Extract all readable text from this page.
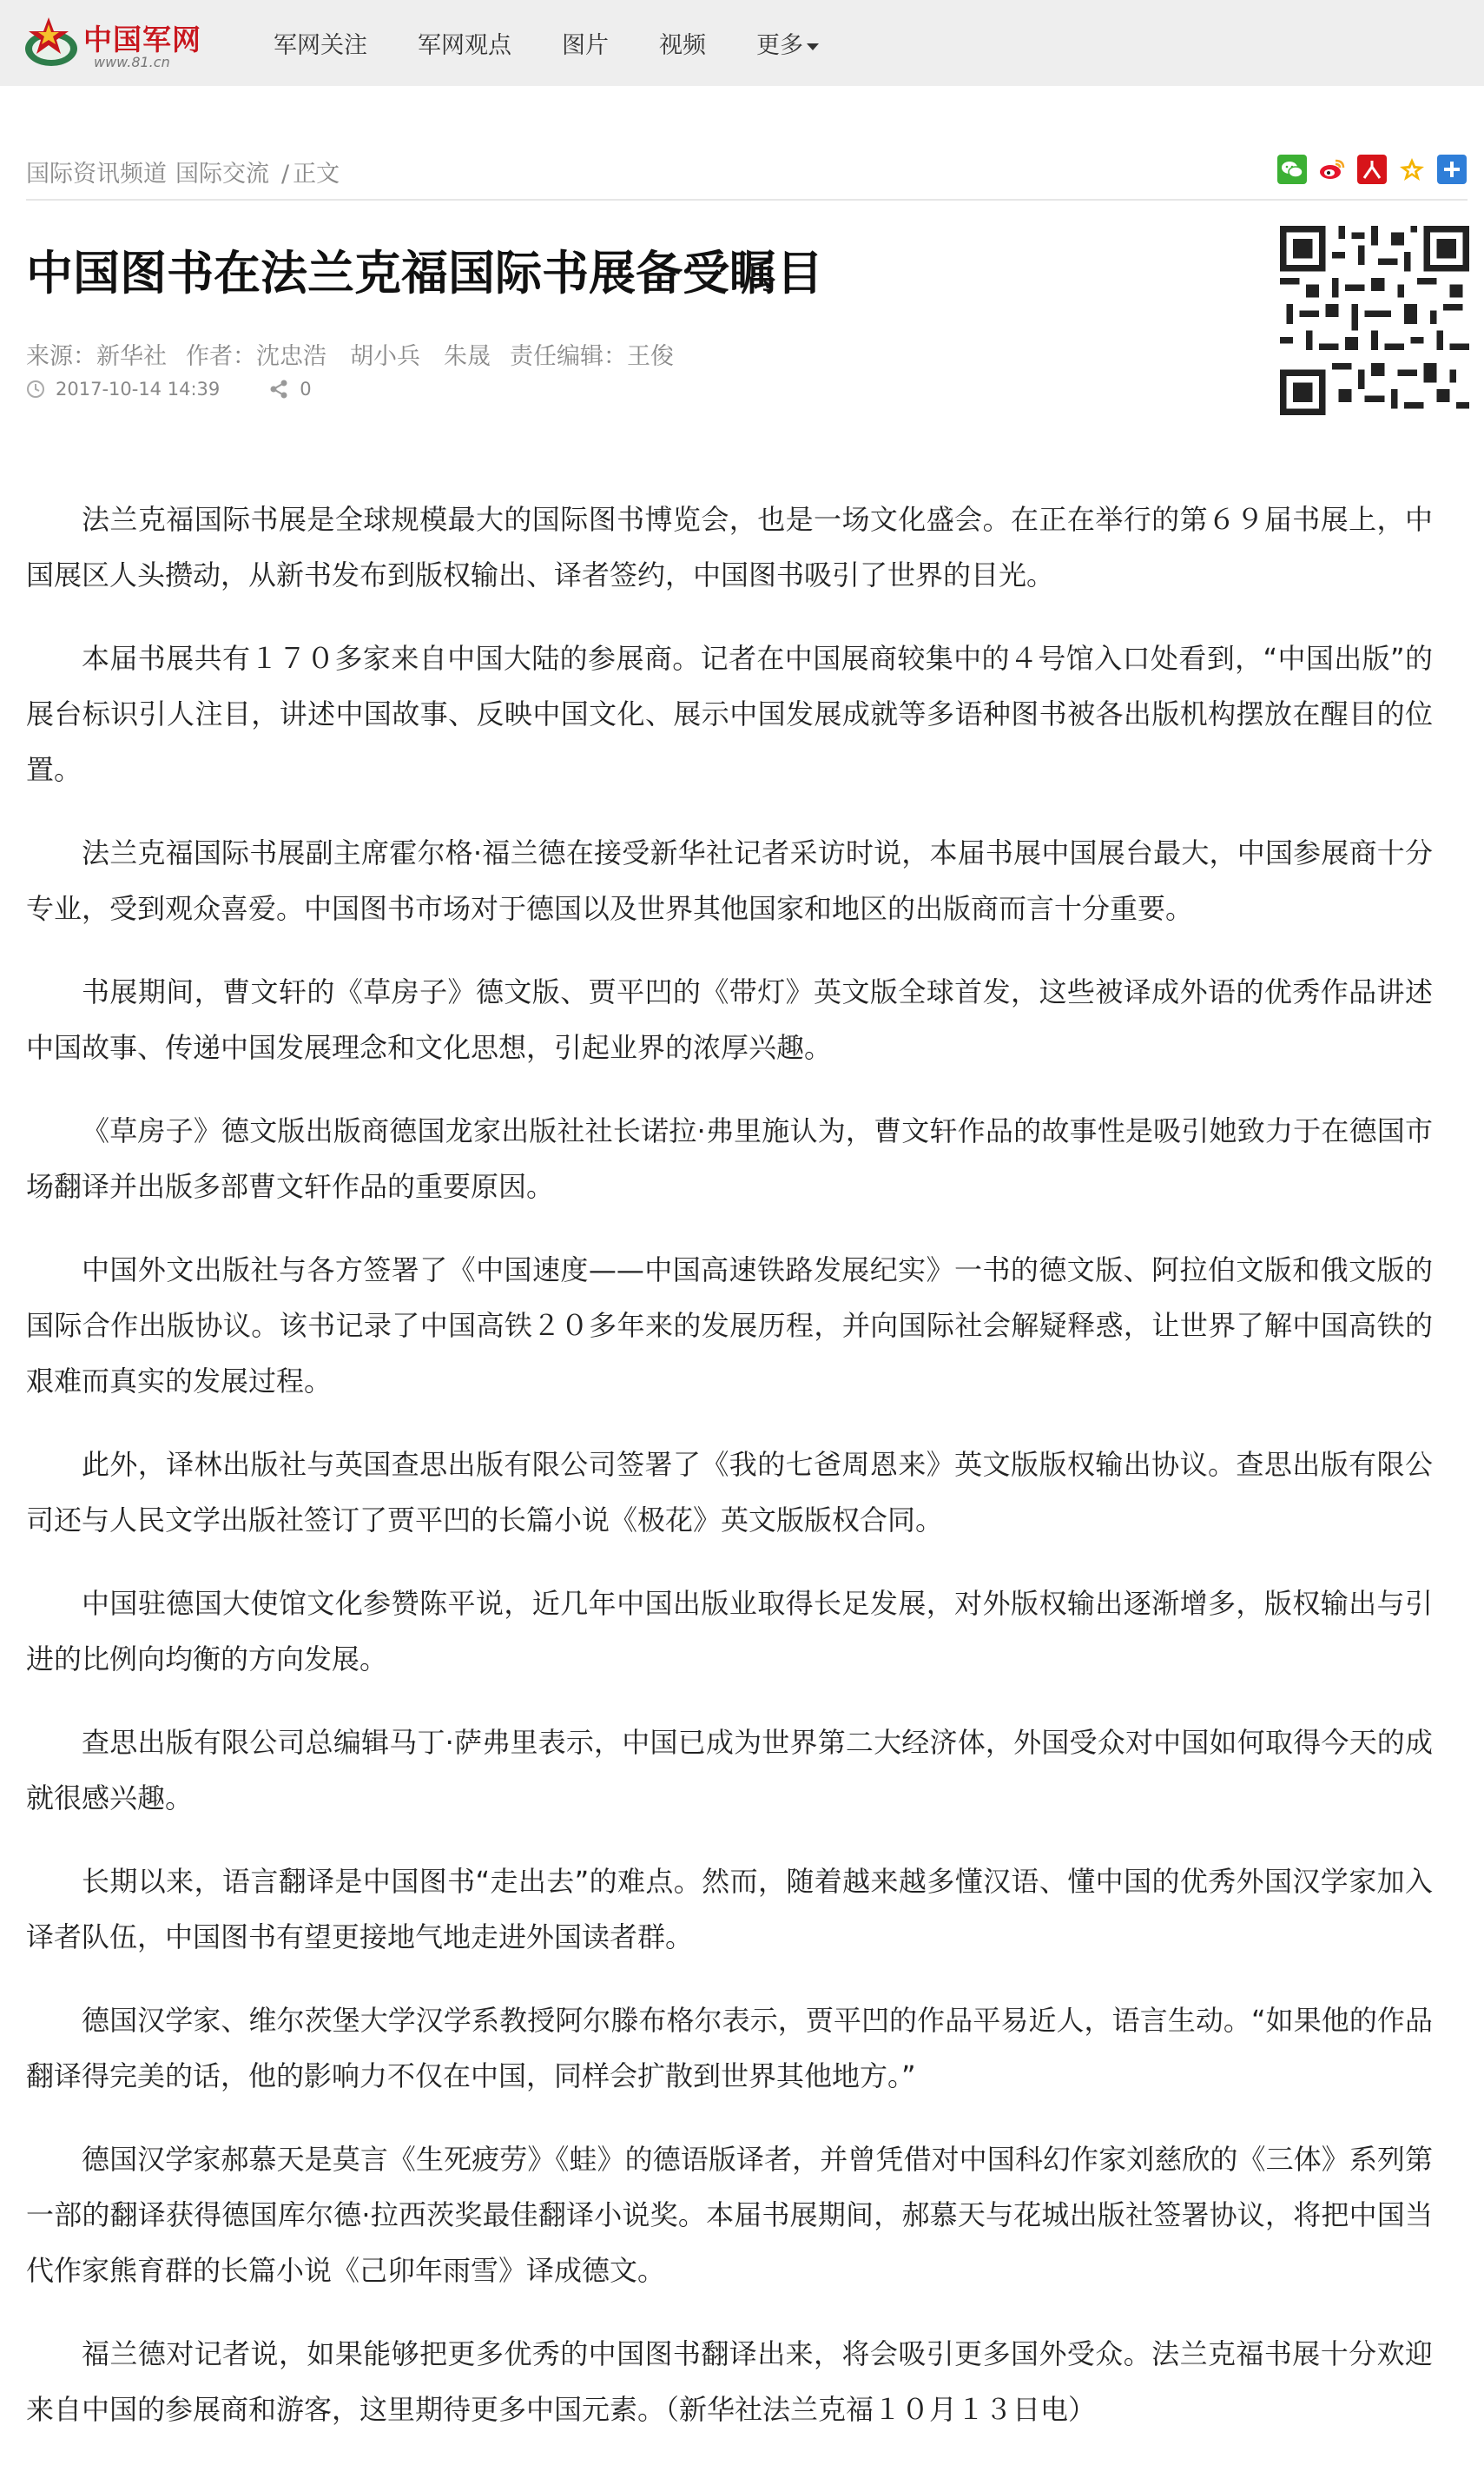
中国军网
www.81.cn
军网关注 军网观点 图片 视频 更多
国际资讯频道 国际交流 / 正文
中国图书在法兰克福国际书展备受瞩目
来源：新华社 作者：沈忠浩　胡小兵　朱晟 责任编辑：王俊
2017-10-14 14:39	0

法兰克福国际书展是全球规模最大的国际图书博览会，也是一场文化盛会。在正在举行的第６９届书展上，中国展区人头攒动，从新书发布到版权输出、译者签约，中国图书吸引了世界的目光。

本届书展共有１７０多家来自中国大陆的参展商。记者在中国展商较集中的４号馆入口处看到，“中国出版”的展台标识引人注目，讲述中国故事、反映中国文化、展示中国发展成就等多语种图书被各出版机构摆放在醒目的位置。

法兰克福国际书展副主席霍尔格·福兰德在接受新华社记者采访时说，本届书展中国展台最大，中国参展商十分专业，受到观众喜爱。中国图书市场对于德国以及世界其他国家和地区的出版商而言十分重要。

书展期间，曹文轩的《草房子》德文版、贾平凹的《带灯》英文版全球首发，这些被译成外语的优秀作品讲述中国故事、传递中国发展理念和文化思想，引起业界的浓厚兴趣。

《草房子》德文版出版商德国龙家出版社社长诺拉·弗里施认为，曹文轩作品的故事性是吸引她致力于在德国市场翻译并出版多部曹文轩作品的重要原因。

中国外文出版社与各方签署了《中国速度——中国高速铁路发展纪实》一书的德文版、阿拉伯文版和俄文版的国际合作出版协议。该书记录了中国高铁２０多年来的发展历程，并向国际社会解疑释惑，让世界了解中国高铁的艰难而真实的发展过程。

此外，译林出版社与英国查思出版有限公司签署了《我的七爸周恩来》英文版版权输出协议。查思出版有限公司还与人民文学出版社签订了贾平凹的长篇小说《极花》英文版版权合同。

中国驻德国大使馆文化参赞陈平说，近几年中国出版业取得长足发展，对外版权输出逐渐增多，版权输出与引进的比例向均衡的方向发展。

查思出版有限公司总编辑马丁·萨弗里表示，中国已成为世界第二大经济体，外国受众对中国如何取得今天的成就很感兴趣。

长期以来，语言翻译是中国图书“走出去”的难点。然而，随着越来越多懂汉语、懂中国的优秀外国汉学家加入译者队伍，中国图书有望更接地气地走进外国读者群。

德国汉学家、维尔茨堡大学汉学系教授阿尔滕布格尔表示，贾平凹的作品平易近人，语言生动。“如果他的作品翻译得完美的话，他的影响力不仅在中国，同样会扩散到世界其他地方。”

德国汉学家郝慕天是莫言《生死疲劳》《蛙》的德语版译者，并曾凭借对中国科幻作家刘慈欣的《三体》系列第一部的翻译获得德国库尔德·拉西茨奖最佳翻译小说奖。本届书展期间，郝慕天与花城出版社签署协议，将把中国当代作家熊育群的长篇小说《己卯年雨雪》译成德文。

福兰德对记者说，如果能够把更多优秀的中国图书翻译出来，将会吸引更多国外受众。法兰克福书展十分欢迎来自中国的参展商和游客，这里期待更多中国元素。（新华社法兰克福１０月１３日电）
